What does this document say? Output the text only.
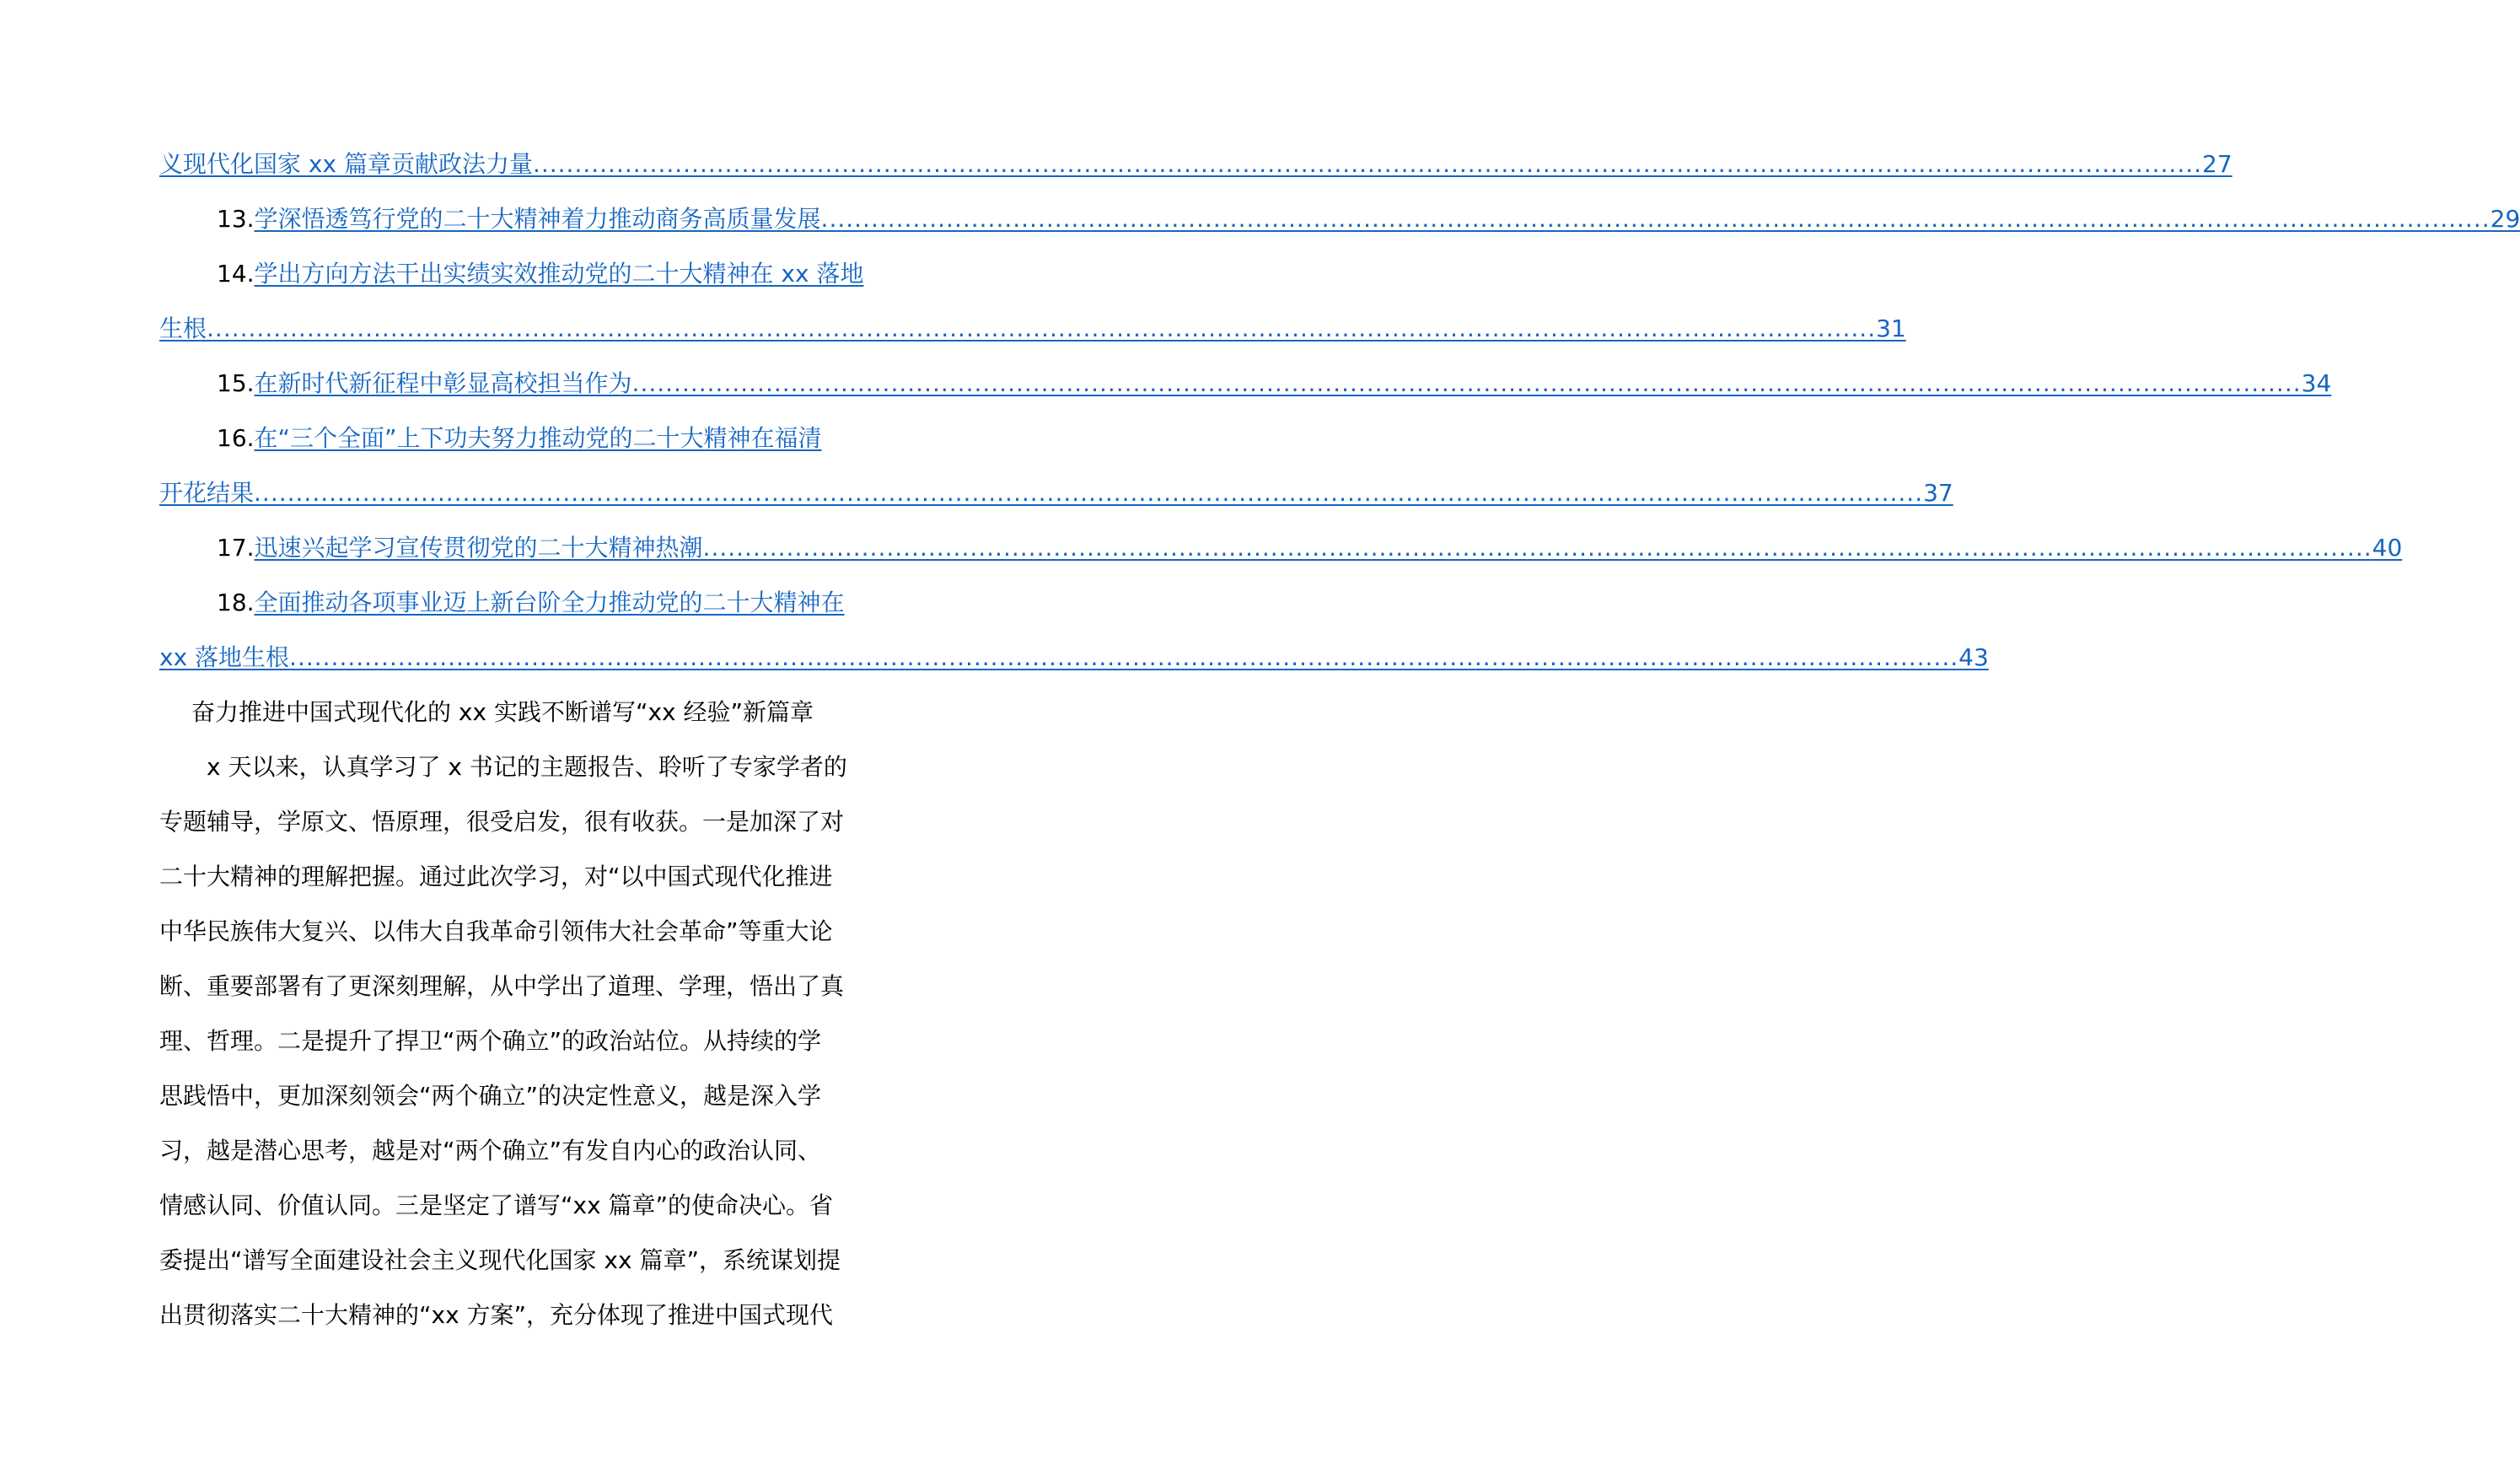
义现代化国家 xx 篇章贡献政法力量 ........................................................................................................................................................................................................ 27
13. 学深悟透笃行党的二十大精神着力推动商务高质量发展 ........................................................................................................................................................................................................ 29
14. 学出方向方法干出实绩实效推动党的二十大精神在 xx 落地
生根 ........................................................................................................................................................................................................ 31
15. 在新时代新征程中彰显高校担当作为 ........................................................................................................................................................................................................ 34
16. 在“三个全面”上下功夫努力推动党的二十大精神在福清
开花结果 ........................................................................................................................................................................................................ 37
17. 迅速兴起学习宣传贯彻党的二十大精神热潮 ........................................................................................................................................................................................................ 40
18. 全面推动各项事业迈上新台阶全力推动党的二十大精神在
xx 落地生根 ........................................................................................................................................................................................................ 43
奋力推进中国式现代化的 xx 实践不断谱写“xx 经验”新篇章
　　x 天以来，认真学习了 x 书记的主题报告、聆听了专家学者的
专题辅导，学原文、悟原理，很受启发，很有收获。一是加深了对
二十大精神的理解把握。通过此次学习，对“以中国式现代化推进
中华民族伟大复兴、以伟大自我革命引领伟大社会革命”等重大论
断、重要部署有了更深刻理解，从中学出了道理、学理，悟出了真
理、哲理。二是提升了捍卫“两个确立”的政治站位。从持续的学
思践悟中，更加深刻领会“两个确立”的决定性意义，越是深入学
习，越是潜心思考，越是对“两个确立”有发自内心的政治认同、
情感认同、价值认同。三是坚定了谱写“xx 篇章”的使命决心。省
委提出“谱写全面建设社会主义现代化国家 xx 篇章”，系统谋划提
出贯彻落实二十大精神的“xx 方案”，充分体现了推进中国式现代
